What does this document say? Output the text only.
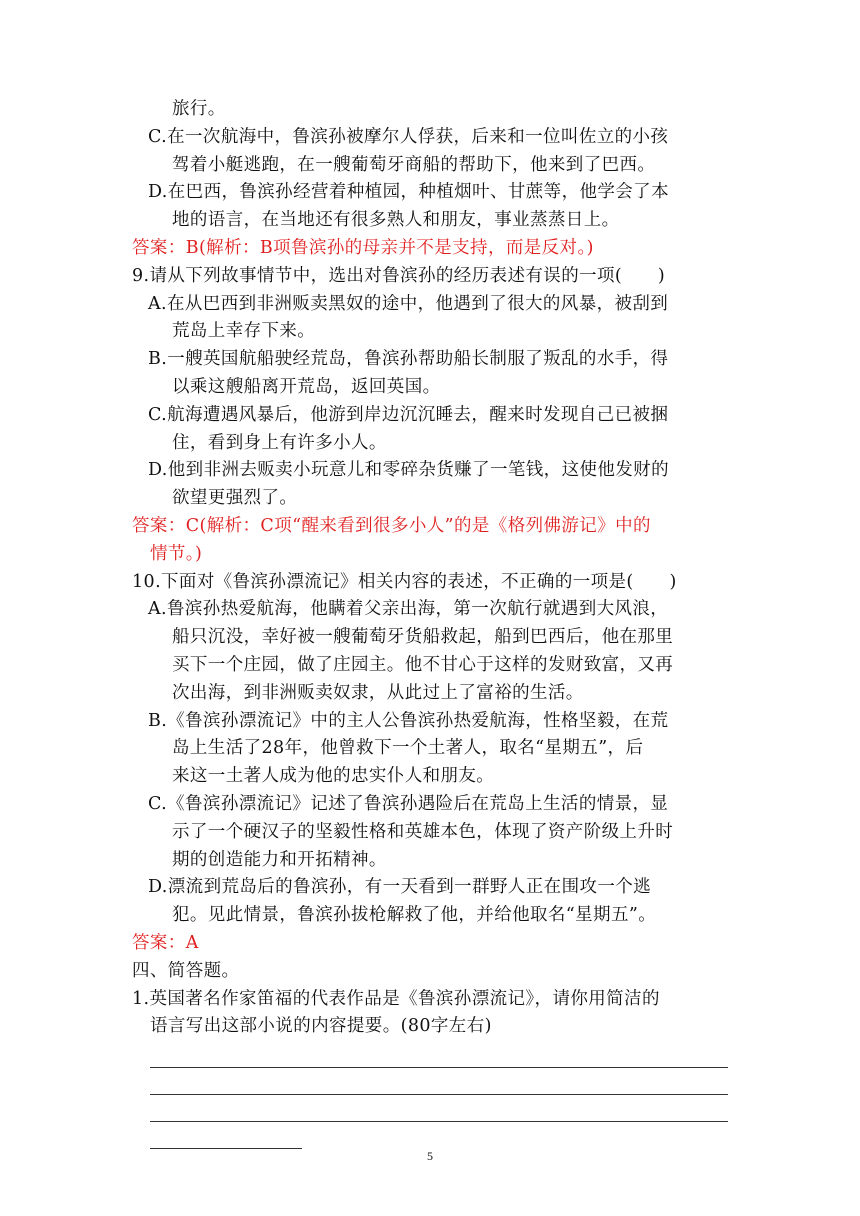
旅行。
C.在一次航海中，鲁滨孙被摩尔人俘获，后来和一位叫佐立的小孩
驾着小艇逃跑，在一艘葡萄牙商船的帮助下，他来到了巴西。
D.在巴西，鲁滨孙经营着种植园，种植烟叶、甘蔗等，他学会了本
地的语言，在当地还有很多熟人和朋友，事业蒸蒸日上。
答案：B(解析：B项鲁滨孙的母亲并不是支持，而是反对。)
9.请从下列故事情节中，选出对鲁滨孙的经历表述有误的一项(　　)
A.在从巴西到非洲贩卖黑奴的途中，他遇到了很大的风暴，被刮到
荒岛上幸存下来。
B.一艘英国航船驶经荒岛，鲁滨孙帮助船长制服了叛乱的水手，得
以乘这艘船离开荒岛，返回英国。
C.航海遭遇风暴后，他游到岸边沉沉睡去，醒来时发现自己已被捆
住，看到身上有许多小人。
D.他到非洲去贩卖小玩意儿和零碎杂货赚了一笔钱，这使他发财的
欲望更强烈了。
答案：C(解析：C项“醒来看到很多小人”的是《格列佛游记》中的
情节。)
10.下面对《鲁滨孙漂流记》相关内容的表述，不正确的一项是(　　)
A.鲁滨孙热爱航海，他瞒着父亲出海，第一次航行就遇到大风浪，
船只沉没，幸好被一艘葡萄牙货船救起，船到巴西后，他在那里
买下一个庄园，做了庄园主。他不甘心于这样的发财致富，又再
次出海，到非洲贩卖奴隶，从此过上了富裕的生活。
B.《鲁滨孙漂流记》中的主人公鲁滨孙热爱航海，性格坚毅，在荒
岛上生活了28年，他曾救下一个土著人，取名“星期五”，后
来这一土著人成为他的忠实仆人和朋友。
C.《鲁滨孙漂流记》记述了鲁滨孙遇险后在荒岛上生活的情景，显
示了一个硬汉子的坚毅性格和英雄本色，体现了资产阶级上升时
期的创造能力和开拓精神。
D.漂流到荒岛后的鲁滨孙，有一天看到一群野人正在围攻一个逃
犯。见此情景，鲁滨孙拔枪解救了他，并给他取名“星期五”。
答案：A
四、简答题。
1.英国著名作家笛福的代表作品是《鲁滨孙漂流记》，请你用简洁的
语言写出这部小说的内容提要。(80字左右)
5
